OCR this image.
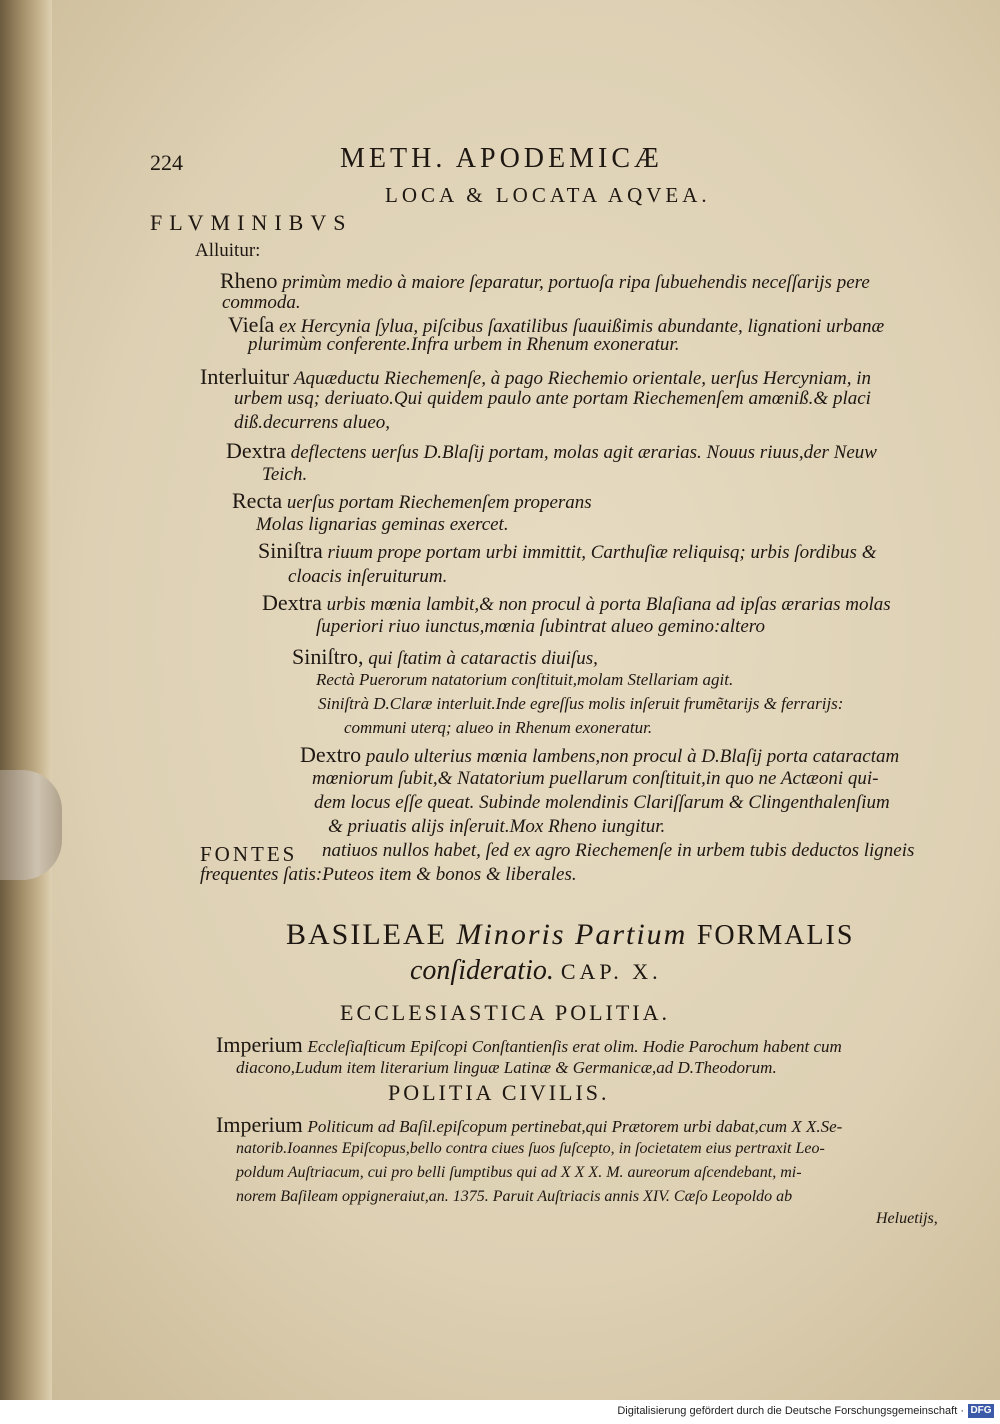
224	METH. APODEMICÆ
LOCA & LOCATA AQVEA.
FLVMINIBVS
Alluitur:
Rheno primùm medio à maiore ſeparatur, portuoſa ripa ſubuehendis neceſſarijs pere
commoda.
Vieſa ex Hercynia ſylua, piſcibus ſaxatilibus ſuauißimis abundante, lignationi urbanæ
plurimùm conferente.Infra urbem in Rhenum exoneratur.
Interluitur Aquæductu Riechemenſe, à pago Riechemio orientale, uerſus Hercyniam, in
urbem usq; deriuato.Qui quidem paulo ante portam Riechemenſem amœniß.& placi
diß.decurrens alueo,
Dextra deflectens uerſus D.Blaſij portam, molas agit ærarias. Nouus riuus,der Neuw
Teich.
Recta uerſus portam Riechemenſem properans
Molas lignarias geminas exercet.
Siniſtra riuum prope portam urbi immittit, Carthuſiæ reliquisq; urbis ſordibus &
cloacis inſeruiturum.
Dextra urbis mœnia lambit,& non procul à porta Blaſiana ad ipſas ærarias molas
ſuperiori riuo iunctus,mœnia ſubintrat alueo gemino:altero
Siniſtro, qui ſtatim à cataractis diuiſus,
Rectà Puerorum natatorium conſtituit,molam Stellariam agit.
Siniſtrà D.Claræ interluit.Inde egreſſus molis inſeruit frumẽtarijs & ferrarijs:
communi uterq; alueo in Rhenum exoneratur.
Dextro paulo ulterius mœnia lambens,non procul à D.Blaſij porta cataractam
mœniorum ſubit,& Natatorium puellarum conſtituit,in quo ne Actæoni qui-
dem locus eſſe queat. Subinde molendinis Clariſſarum & Clingenthalenſium
& priuatis alijs inſeruit.Mox Rheno iungitur.
FONTES natiuos nullos habet, ſed ex agro Riechemenſe in urbem tubis deductos ligneis
frequentes ſatis:Puteos item & bonos & liberales.
BASILEAE Minoris Partium FORMALIS
conſideratio. CAP. X.
ECCLESIASTICA POLITIA.
Imperium Eccleſiaſticum Epiſcopi Conſtantienſis erat olim. Hodie Parochum habent cum
diacono,Ludum item literarium linguæ Latinæ & Germanicæ,ad D.Theodorum.
POLITIA CIVILIS.
Imperium Politicum ad Baſil.epiſcopum pertinebat,qui Prætorem urbi dabat,cum X X.Se-
natorib.Ioannes Epiſcopus,bello contra ciues ſuos ſuſcepto, in ſocietatem eius pertraxit Leo-
poldum Auſtriacum, cui pro belli ſumptibus qui ad X X X. M. aureorum aſcendebant, mi-
norem Baſileam oppigneraiut,an. 1375. Paruit Auſtriacis annis XIV. Cæſo Leopoldo ab
Heluetijs,
Digitalisierung gefördert durch die Deutsche Forschungsgemeinschaft · DFG
